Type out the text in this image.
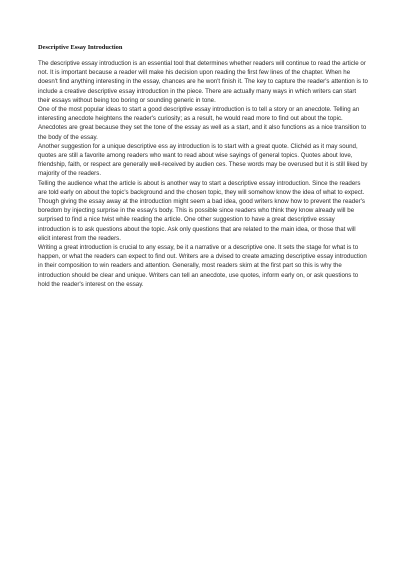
Descriptive Essay Introduction

The descriptive essay introduction is an essential tool that determines whether readers will continue to read the article or not. It is important because a reader will make his decision upon reading the first few lines of the chapter. When he doesn't find anything interesting in the essay, chances are he won't finish it. The key to capture the reader's attention is to include a creative descriptive essay introduction in the piece. There are actually many ways in which writers can start their essays without being too boring or sounding generic in tone.

One of the most popular ideas to start a good descriptive essay introduction is to tell a story or an anecdote. Telling an interesting anecdote heightens the reader's curiosity; as a result, he would read more to find out about the topic. Anecdotes are great because they set the tone of the essay as well as a start, and it also functions as a nice transition to the body of the essay.

Another suggestion for a unique descriptive ess ay introduction is to start with a great quote. Clichéd as it may sound, quotes are still a favorite among readers who want to read about wise sayings of general topics. Quotes about love, friendship, faith, or respect are generally well-received by audien ces. These words may be overused but it is still liked by majority of the readers.

Telling the audience what the article is about is another way to start a descriptive essay introduction. Since the readers are told early on about the topic's background and the chosen topic, they will somehow know the idea of what to expect. Though giving the essay away at the introduction might seem a bad idea, good writers know how to prevent the reader's boredom by injecting surprise in the essay's body. This is possible since readers who think they know already will be surprised to find a nice twist while reading the article. One other suggestion to have a great descriptive essay introduction is to ask questions about the topic. Ask only questions that are related to the main idea, or those that will elicit interest from the readers.

Writing a great introduction is crucial to any essay, be it a narrative or a descriptive one. It sets the stage for what is to happen, or what the readers can expect to find out. Writers are a dvised to create amazing descriptive essay introduction in their composition to win readers and attention. Generally, most readers skim at the first part so this is why the introduction should be clear and unique. Writers can tell an anecdote, use quotes, inform early on, or ask questions to hold the reader's interest on the essay.
